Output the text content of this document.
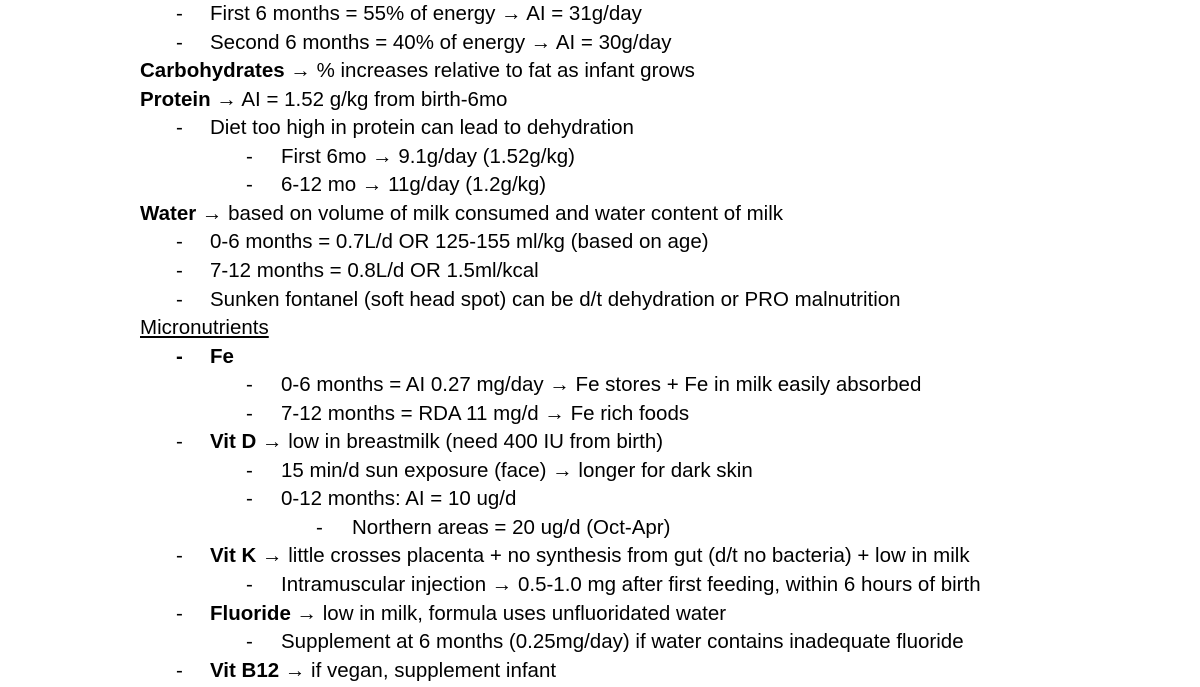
- First 6 months = 55% of energy → AI = 31g/day
- Second 6 months = 40% of energy → AI = 30g/day
Carbohydrates → % increases relative to fat as infant grows
Protein → AI = 1.52 g/kg from birth-6mo
- Diet too high in protein can lead to dehydration
- First 6mo → 9.1g/day (1.52g/kg)
- 6-12 mo → 11g/day (1.2g/kg)
Water → based on volume of milk consumed and water content of milk
- 0-6 months = 0.7L/d OR 125-155 ml/kg (based on age)
- 7-12 months = 0.8L/d OR 1.5ml/kcal
- Sunken fontanel (soft head spot) can be d/t dehydration or PRO malnutrition
Micronutrients
- Fe
- 0-6 months = AI 0.27 mg/day → Fe stores + Fe in milk easily absorbed
- 7-12 months = RDA 11 mg/d → Fe rich foods
- Vit D → low in breastmilk (need 400 IU from birth)
- 15 min/d sun exposure (face) → longer for dark skin
- 0-12 months: AI = 10 ug/d
- Northern areas = 20 ug/d (Oct-Apr)
- Vit K → little crosses placenta + no synthesis from gut (d/t no bacteria) + low in milk
- Intramuscular injection → 0.5-1.0 mg after first feeding, within 6 hours of birth
- Fluoride → low in milk, formula uses unfluoridated water
- Supplement at 6 months (0.25mg/day) if water contains inadequate fluoride
- Vit B12 → if vegan, supplement infant
